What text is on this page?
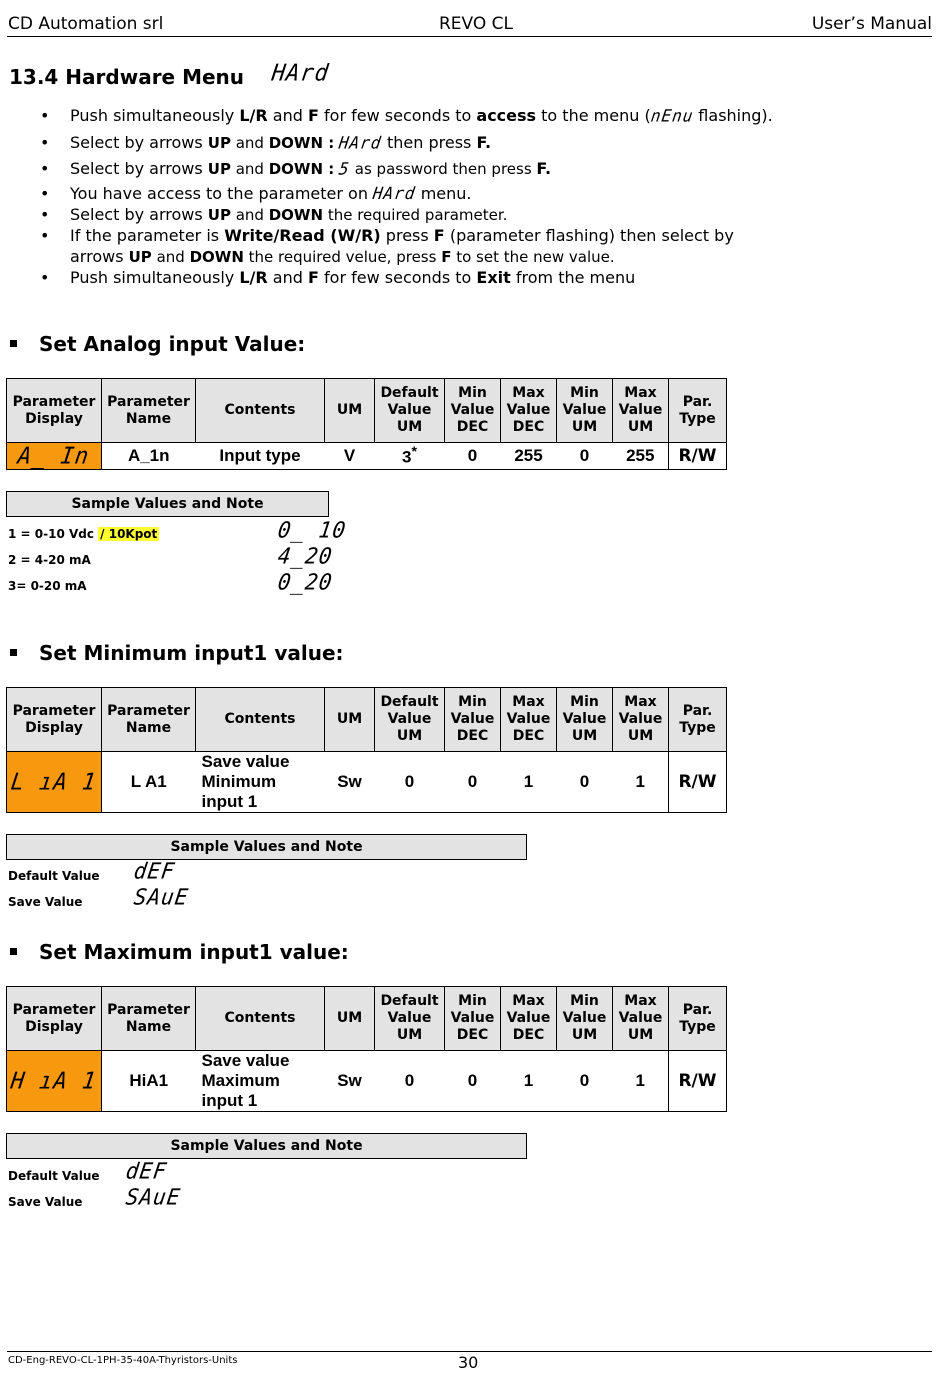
CD Automation srl	REVO CL	User’s Manual
13.4 Hardware Menu HArd
• Push simultaneously L/R and F for few seconds to access to the menu (nEnu flashing).
• Select by arrows UP and DOWN : HArd then press F.
• Select by arrows UP and DOWN : 5 as password then press F.
• You have access to the parameter on HArd menu.
• Select by arrows UP and DOWN the required parameter.
• If the parameter is Write/Read (W/R) press F (parameter flashing) then select by
arrows UP and DOWN the required velue, press F to set the new value.
• Push simultaneously L/R and F for few seconds to Exit from the menu
Set Analog input Value:
Parameter
Display	Parameter
Name	Contents	UM	Default
Value
UM	Min
Value
DEC	Max
Value
DEC	Min
Value
UM	Max
Value
UM	Par.
Type
A_ In	A_1n	Input type	V	3*	0	255	0	255	R/W
Sample Values and Note
1 = 0-10 Vdc / 10Kpot	0_ 10
2 = 4-20 mA	4_20
3= 0-20 mA	0_20
Set Minimum input1 value:
Parameter
Display	Parameter
Name	Contents	UM	Default
Value
UM	Min
Value
DEC	Max
Value
DEC	Min
Value
UM	Max
Value
UM	Par.
Type
L ıA 1	L A1	Save value
Minimum
input 1	Sw	0	0	1	0	1	R/W
Sample Values and Note
Default Value dEF
Save Value SAuE
Set Maximum input1 value:
Parameter
Display	Parameter
Name	Contents	UM	Default
Value
UM	Min
Value
DEC	Max
Value
DEC	Min
Value
UM	Max
Value
UM	Par.
Type
H ıA 1	HiA1	Save value
Maximum
input 1	Sw	0	0	1	0	1	R/W
Sample Values and Note
Default Value dEF
Save Value SAuE
CD-Eng-REVO-CL-1PH-35-40A-Thyristors-Units	30
